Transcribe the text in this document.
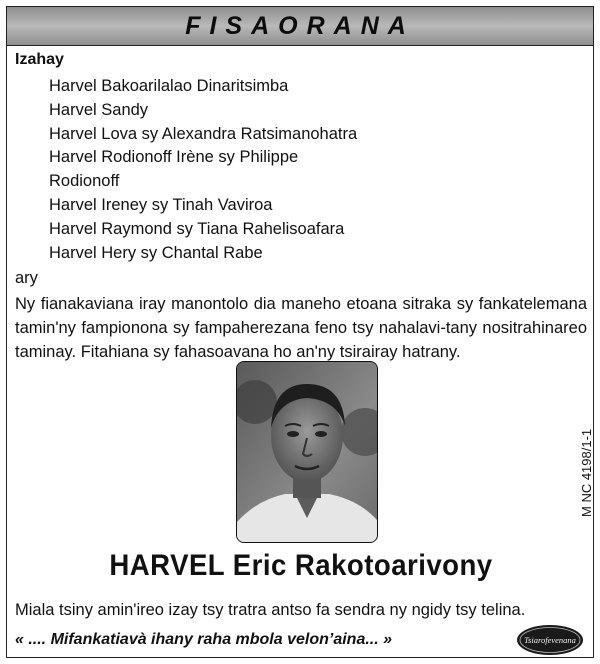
FISAORANA
Izahay
Harvel Bakoarilalao Dinaritsimba
Harvel Sandy
Harvel Lova sy Alexandra Ratsimanohatra
Harvel Rodionoff Irène sy Philippe
Rodionoff
Harvel Ireney sy Tinah Vaviroa
Harvel Raymond sy Tiana Rahelisoafara
Harvel Hery sy Chantal Rabe
ary

Ny fianakaviana iray manontolo dia maneho etoana sitraka sy fankatelemana tamin'ny fampionona sy fampaherezana feno tsy nahalavi-tany nositrahinareo taminay. Fitahiana sy fahasoavana ho an'ny tsirairay hatrany.

M NC 4198/1-1
HARVEL Eric Rakotoarivony
Miala tsiny amin'ireo izay tsy tratra antso fa sendra ny ngidy tsy telina.
« .... Mifankatiavà ihany raha mbola velon’aina... »	Tsiarofevenana
